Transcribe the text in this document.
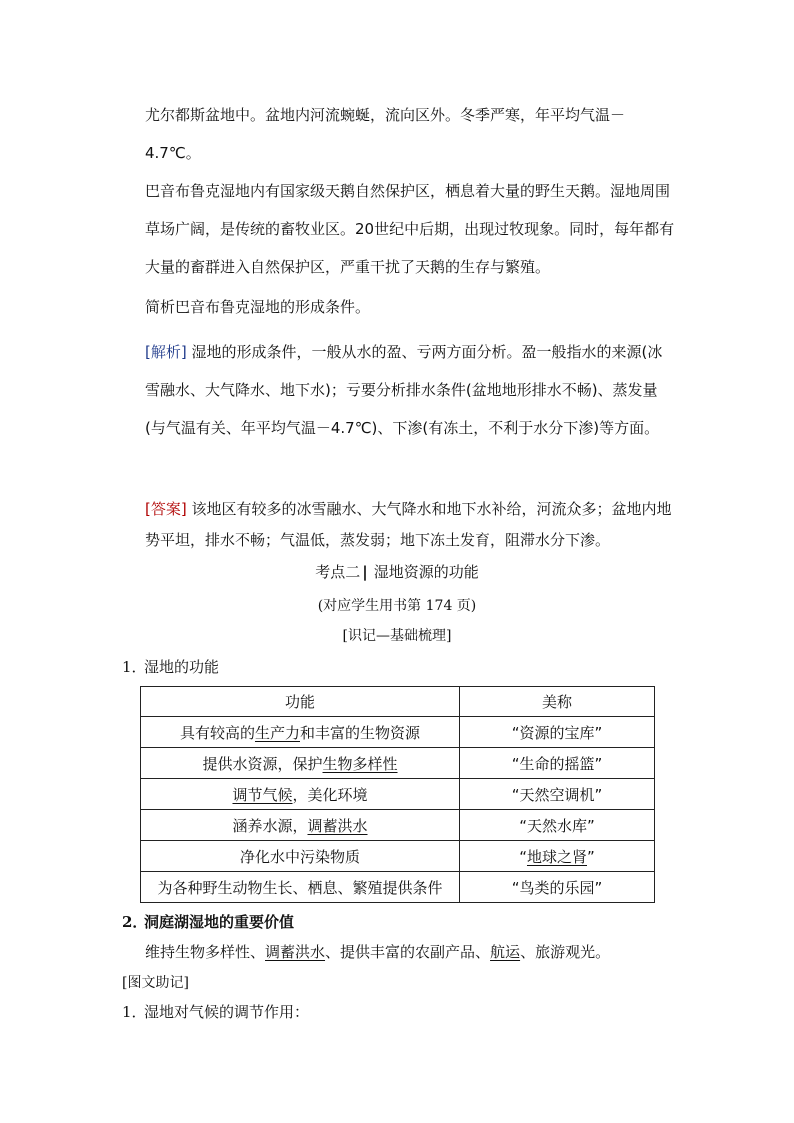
尤尔都斯盆地中。盆地内河流蜿蜒，流向区外。冬季严寒，年平均气温－4.7℃。

巴音布鲁克湿地内有国家级天鹅自然保护区，栖息着大量的野生天鹅。湿地周围草场广阔，是传统的畜牧业区。20世纪中后期，出现过牧现象。同时，每年都有大量的畜群进入自然保护区，严重干扰了天鹅的生存与繁殖。

简析巴音布鲁克湿地的形成条件。

[解析] 湿地的形成条件，一般从水的盈、亏两方面分析。盈一般指水的来源(冰雪融水、大气降水、地下水)；亏要分析排水条件(盆地地形排水不畅)、蒸发量(与气温有关、年平均气温－4.7℃)、下渗(有冻土，不利于水分下渗)等方面。

[答案] 该地区有较多的冰雪融水、大气降水和地下水补给，河流众多；盆地内地势平坦，排水不畅；气温低，蒸发弱；地下冻土发育，阻滞水分下渗。

考点二 | 湿地资源的功能

(对应学生用书第 174 页)

[识记—基础梳理]

1．湿地的功能

功能	美称
具有较高的生产力和丰富的生物资源	“资源的宝库”
提供水资源，保护生物多样性	“生命的摇篮”
调节气候，美化环境	“天然空调机”
涵养水源，调蓄洪水	“天然水库”
净化水中污染物质	“地球之肾”
为各种野生动物生长、栖息、繁殖提供条件	“鸟类的乐园”

2．洞庭湖湿地的重要价值

维持生物多样性、调蓄洪水、提供丰富的农副产品、航运、旅游观光。

[图文助记]

1．湿地对气候的调节作用：
